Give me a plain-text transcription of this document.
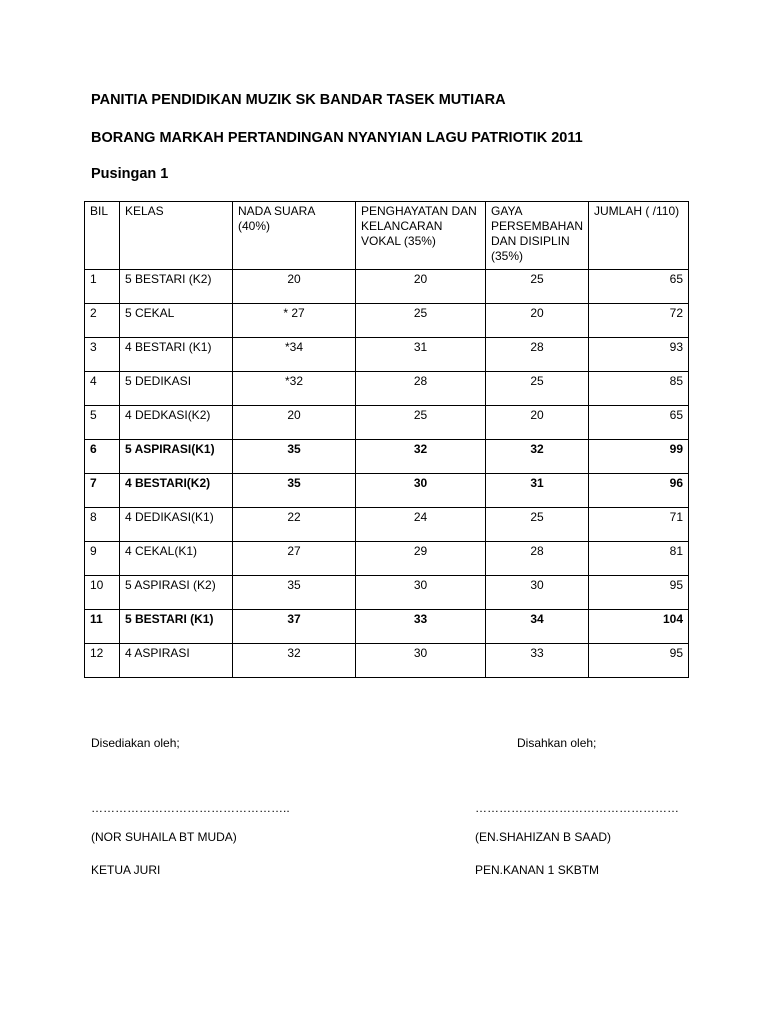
PANITIA PENDIDIKAN MUZIK SK BANDAR TASEK MUTIARA
BORANG MARKAH PERTANDINGAN NYANYIAN LAGU PATRIOTIK 2011
Pusingan 1
BIL	KELAS	NADA SUARA (40%)	PENGHAYATAN DAN KELANCARAN VOKAL (35%)	GAYA PERSEMBAHAN DAN DISIPLIN (35%)	JUMLAH ( /110)
1	5 BESTARI (K2)	20	20	25	65
2	5 CEKAL	* 27	25	20	72
3	4 BESTARI (K1)	*34	31	28	93
4	5 DEDIKASI	*32	28	25	85
5	4 DEDKASI(K2)	20	25	20	65
6	5 ASPIRASI(K1)	35	32	32	99
7	4 BESTARI(K2)	35	30	31	96
8	4 DEDIKASI(K1)	22	24	25	71
9	4 CEKAL(K1)	27	29	28	81
10	5 ASPIRASI (K2)	35	30	30	95
11	5 BESTARI (K1)	37	33	34	104
12	4 ASPIRASI	32	30	33	95
Disediakan oleh;	Disahkan oleh;
…………………………………………..	……………………………………………
(NOR SUHAILA BT MUDA)	(EN.SHAHIZAN B SAAD)
KETUA JURI	PEN.KANAN 1 SKBTM
